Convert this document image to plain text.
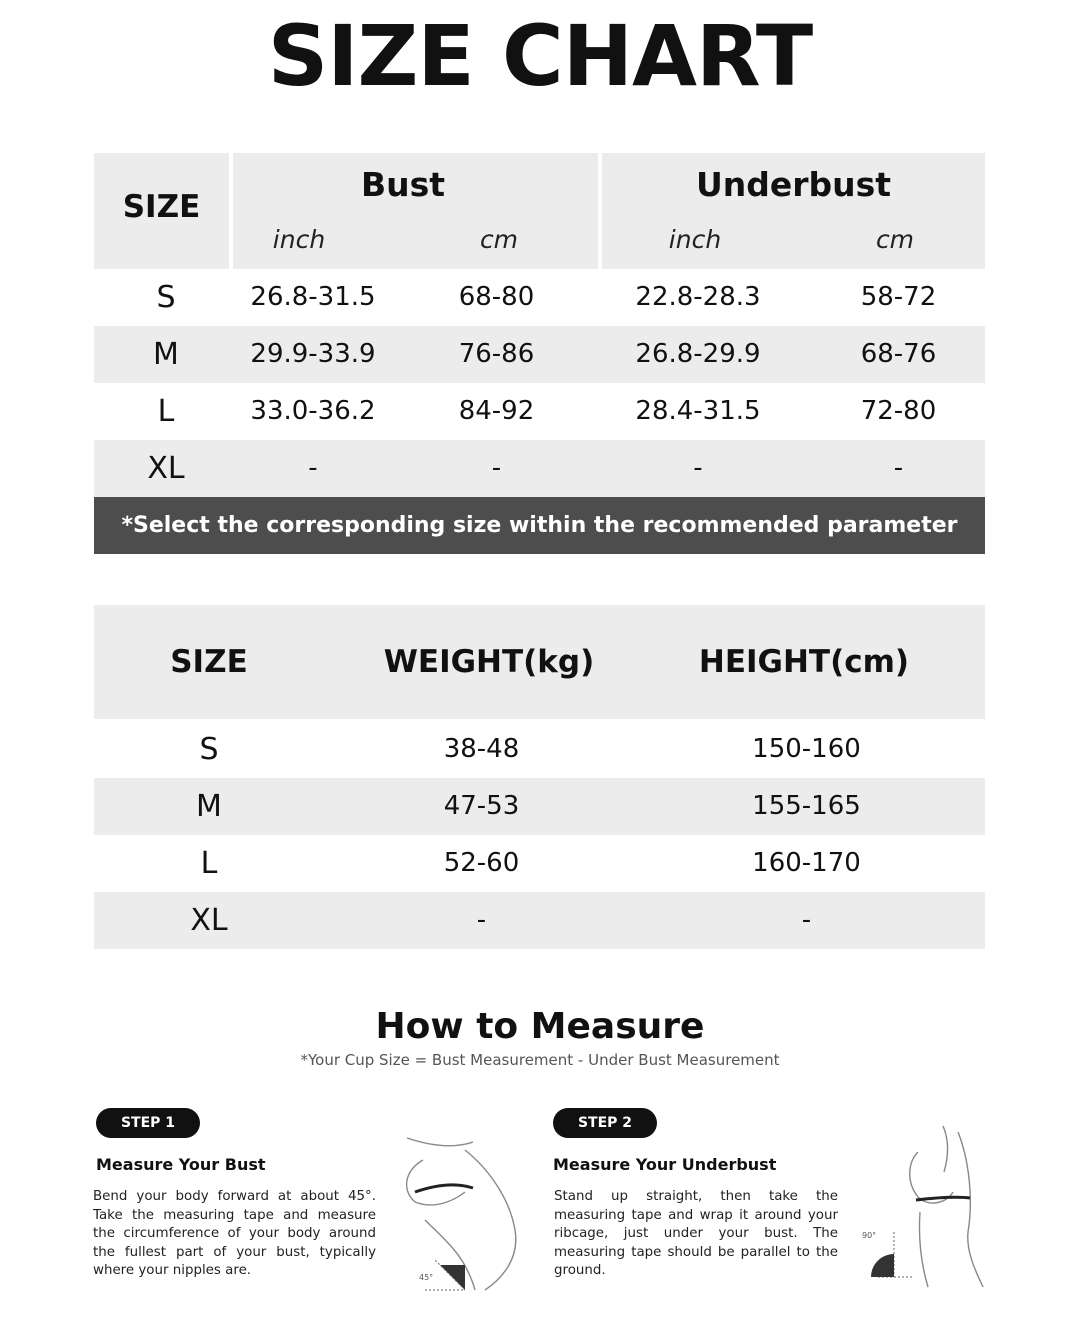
SIZE CHART
SIZE
Bust	Underbust
inch	cm	inch	cm
S	26.8-31.5	68-80	22.8-28.3	58-72
M	29.9-33.9	76-86	26.8-29.9	68-76
L	33.0-36.2	84-92	28.4-31.5	72-80
XL	-	-	-	-
*Select the corresponding size within the recommended parameter range,
SIZE	WEIGHT(kg)	HEIGHT(cm)
S	38-48	150-160
M	47-53	155-165
L	52-60	160-170
XL	-	-
How to Measure
*Your Cup Size = Bust Measurement - Under Bust Measurement
STEP 1
Measure Your Bust
Bend your body forward at about 45°. Take the measuring tape and measure the circumference of your body around the fullest part of your bust, typically where your nipples are.	45°
STEP 2
Measure Your Underbust
Stand up straight, then take the measuring tape and wrap it around your ribcage, just under your bust. The measuring tape should be parallel to the ground.
90°
